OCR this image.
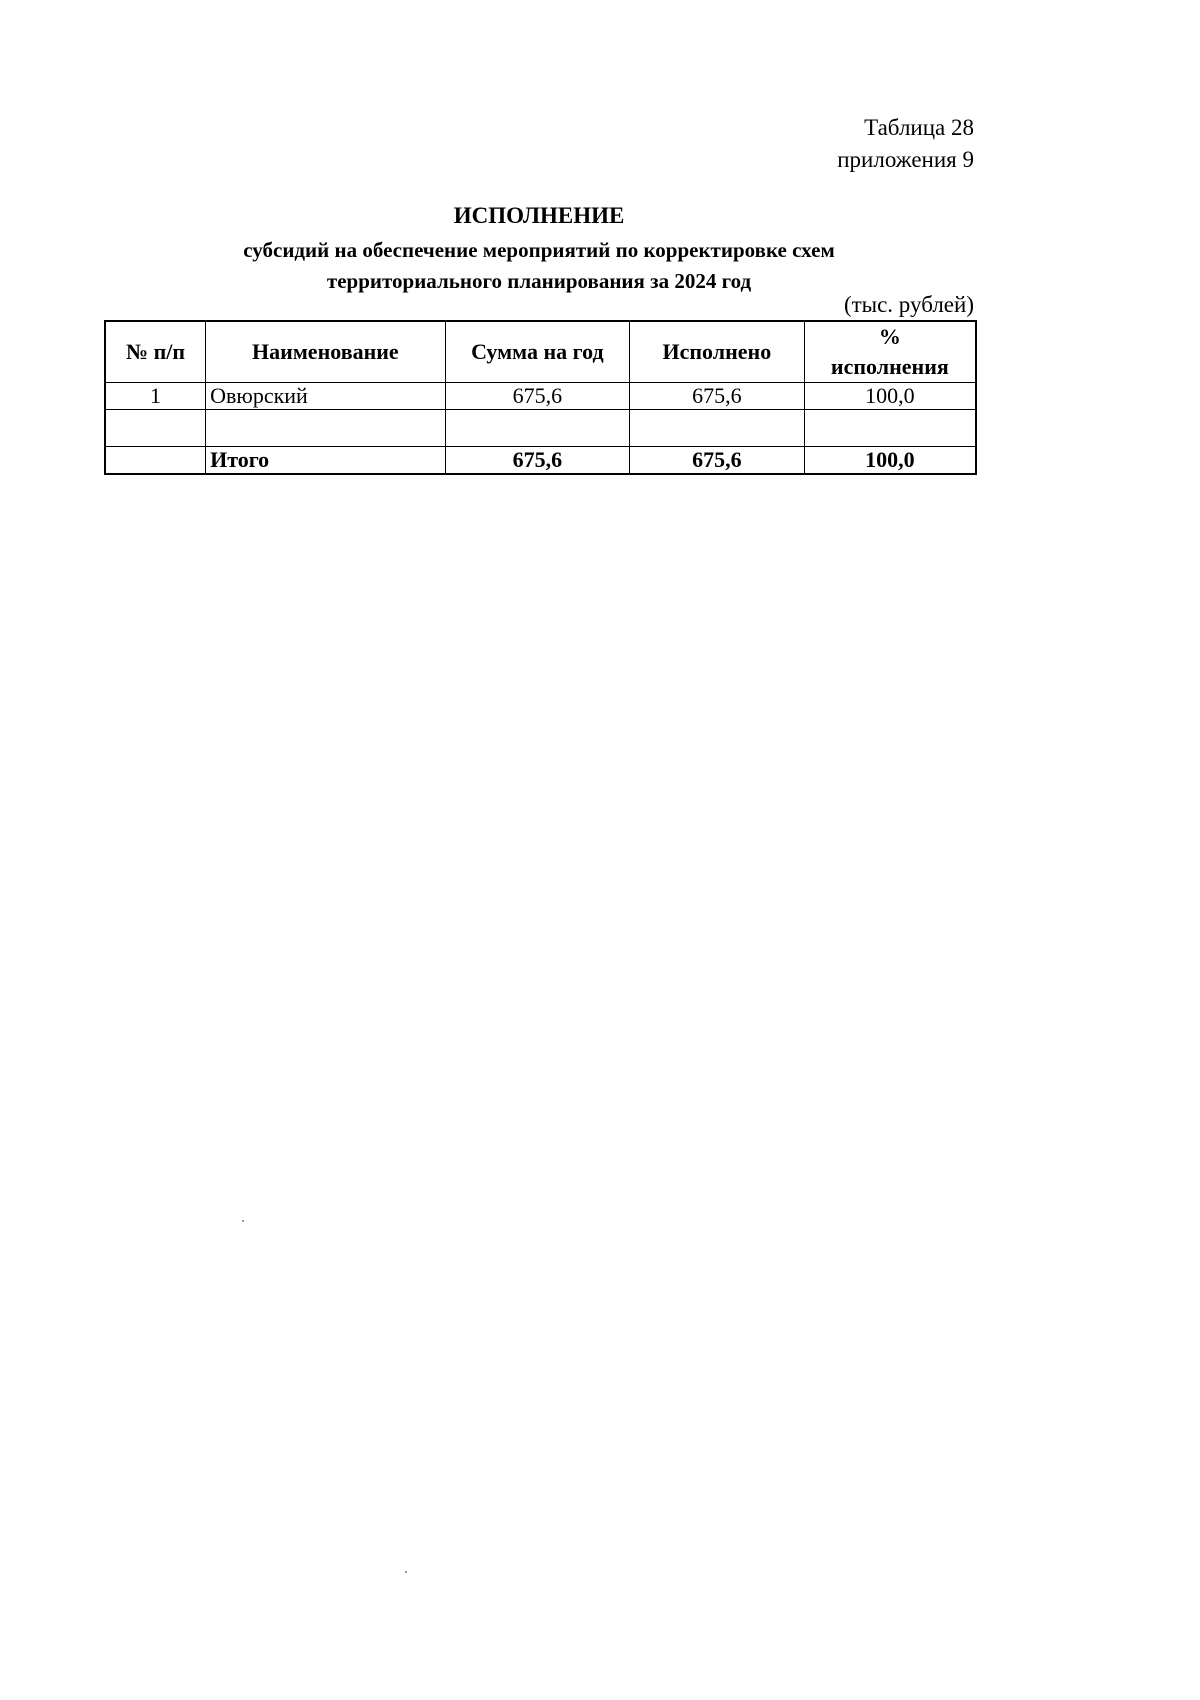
Таблица 28
приложения 9
ИСПОЛНЕНИЕ
субсидий на обеспечение мероприятий по корректировке схем
территориального планирования за 2024 год
(тыс. рублей)
№ п/п	Наименование	Сумма на год	Исполнено	%
исполнения

1	Овюрский	675,6	675,6	100,0

	Итого	675,6	675,6	100,0
